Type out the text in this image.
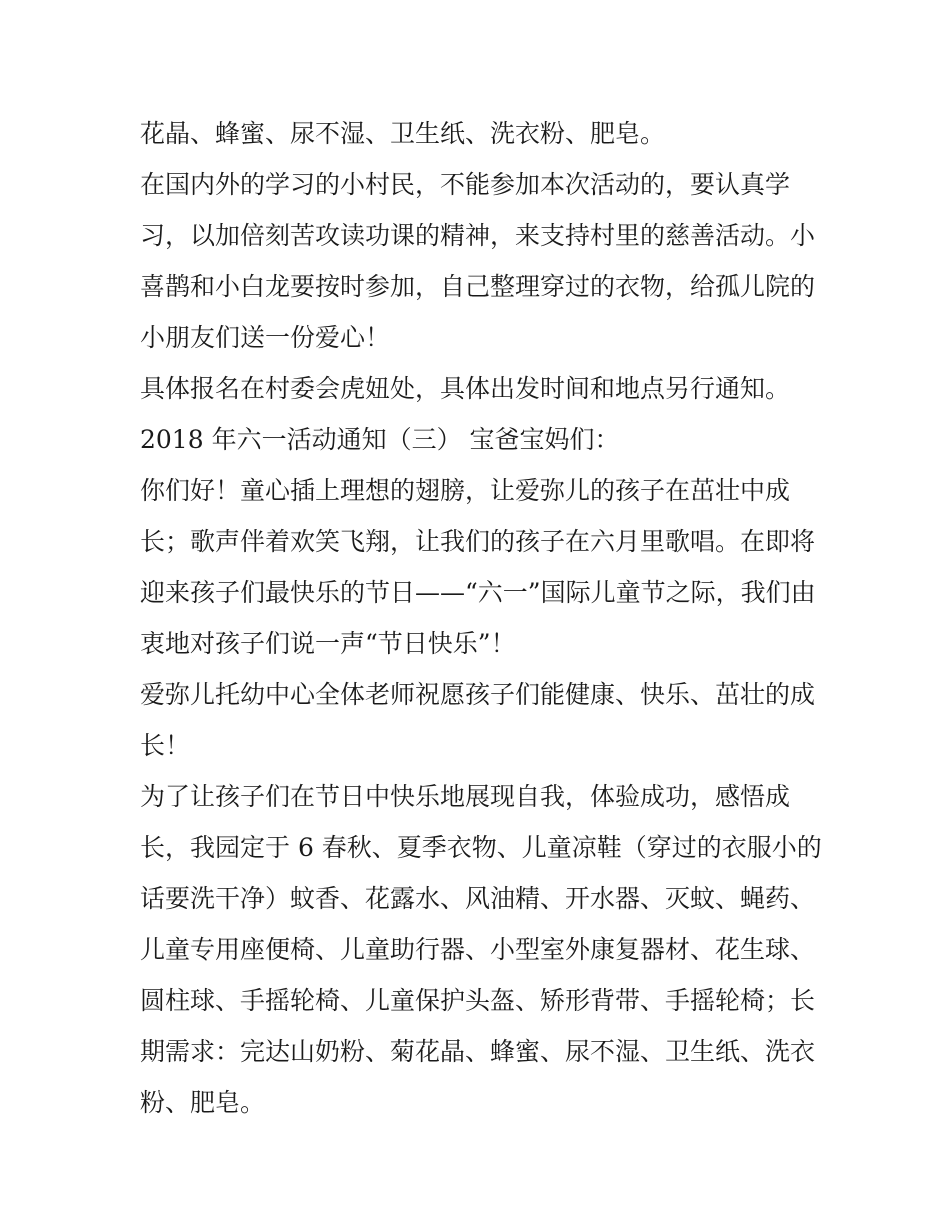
花晶、蜂蜜、尿不湿、卫生纸、洗衣粉、肥皂。
在国内外的学习的小村民，不能参加本次活动的，要认真学
习，以加倍刻苦攻读功课的精神，来支持村里的慈善活动。小
喜鹊和小白龙要按时参加，自己整理穿过的衣物，给孤儿院的
小朋友们送一份爱心！
具体报名在村委会虎妞处，具体出发时间和地点另行通知。
2018 年六一活动通知（三） 宝爸宝妈们：
你们好！童心插上理想的翅膀，让爱弥儿的孩子在茁壮中成
长；歌声伴着欢笑飞翔，让我们的孩子在六月里歌唱。在即将
迎来孩子们最快乐的节日——“六一”国际儿童节之际，我们由
衷地对孩子们说一声“节日快乐”！
爱弥儿托幼中心全体老师祝愿孩子们能健康、快乐、茁壮的成
长！
为了让孩子们在节日中快乐地展现自我，体验成功，感悟成
长，我园定于 6 春秋、夏季衣物、儿童凉鞋（穿过的衣服小的
话要洗干净）蚊香、花露水、风油精、开水器、灭蚊、蝇药、
儿童专用座便椅、儿童助行器、小型室外康复器材、花生球、
圆柱球、手摇轮椅、儿童保护头盔、矫形背带、手摇轮椅；长
期需求：完达山奶粉、菊花晶、蜂蜜、尿不湿、卫生纸、洗衣
粉、肥皂。
